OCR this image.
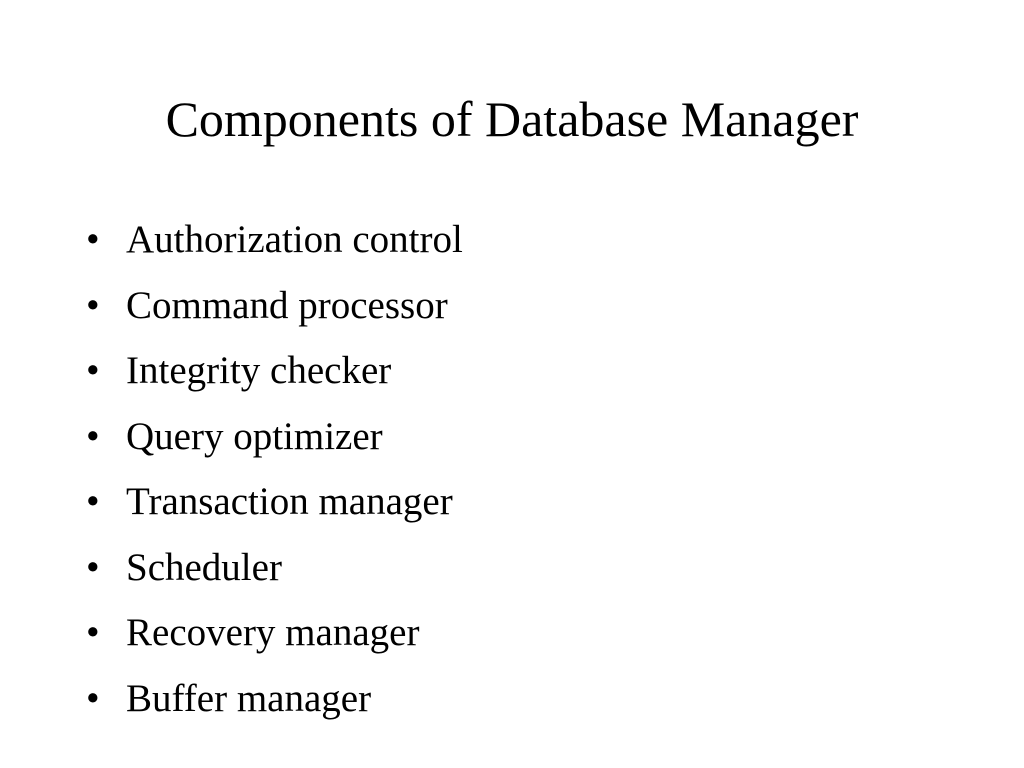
Components of Database Manager
• Authorization control
• Command processor
• Integrity checker
• Query optimizer
• Transaction manager
• Scheduler
• Recovery manager
• Buffer manager
